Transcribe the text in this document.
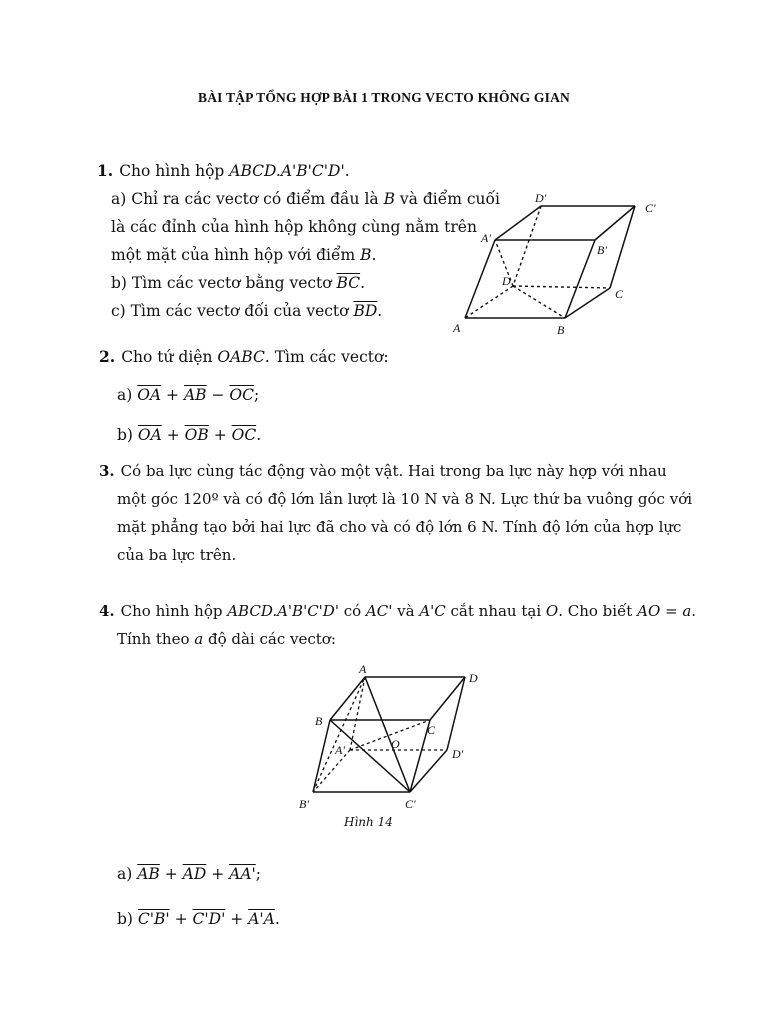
BÀI TẬP TỔNG HỢP BÀI 1 TRONG VECTO KHÔNG GIAN
1. Cho hình hộp ABCD.A'B'C'D'.
a) Chỉ ra các vectơ có điểm đầu là B và điểm cuối
là các đỉnh của hình hộp không cùng nằm trên
một mặt của hình hộp với điểm B.
b) Tìm các vectơ bằng vectơ $\overline{BC}$.
c) Tìm các vectơ đối của vectơ $\overline{BD}$.
D'
C'
A'
B'
D
C
A	B
2. Cho tứ diện OABC. Tìm các vectơ:
a) $\overline{OA} + \overline{AB} - \overline{OC}$;
b) $\overline{OA} + \overline{OB} + \overline{OC}$.
3. Có ba lực cùng tác động vào một vật. Hai trong ba lực này hợp với nhau
một góc 120º và có độ lớn lần lượt là 10 N và 8 N. Lực thứ ba vuông góc với
mặt phẳng tạo bởi hai lực đã cho và có độ lớn 6 N. Tính độ lớn của hợp lực
của ba lực trên.
4. Cho hình hộp ABCD.A'B'C'D' có AC' và A'C cắt nhau tại O. Cho biết AO = a.
Tính theo a độ dài các vectơ:
A
D
B
C
A'	O
D'
B'	C'
Hình 14
a) $\overline{AB} + \overline{AD} + AA'$;
b) C'B' + C'D' + A'A.
